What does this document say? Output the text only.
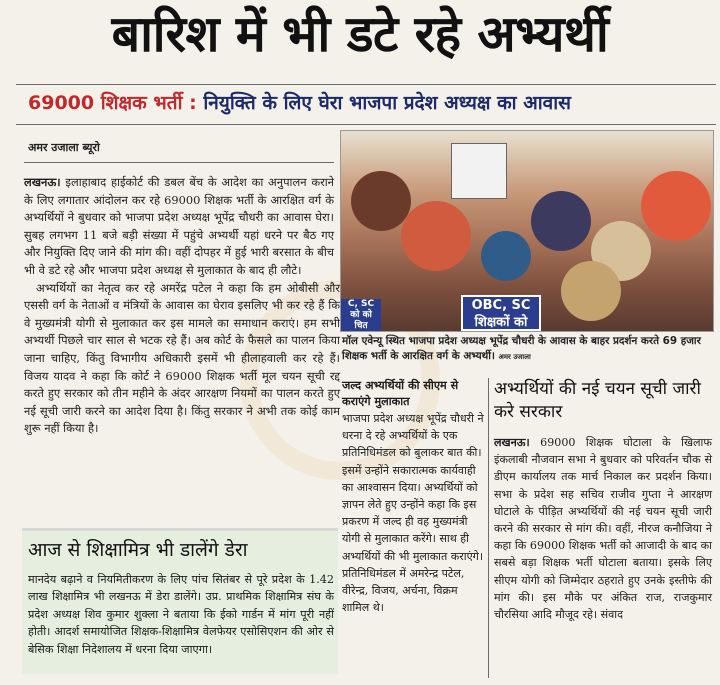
बारिश में भी डटे रहे अभ्यर्थी
69000 शिक्षक भर्ती : नियुक्ति के लिए घेरा भाजपा प्रदेश अध्यक्ष का आवास
अमर उजाला ब्यूरो

लखनऊ। इलाहाबाद हाईकोर्ट की डबल बेंच के आदेश का अनुपालन कराने के लिए लगातार आंदोलन कर रहे 69000 शिक्षक भर्ती के आरक्षित वर्ग के अभ्यर्थियों ने बुधवार को भाजपा प्रदेश अध्यक्ष भूपेंद्र चौधरी का आवास घेरा। सुबह लगभग 11 बजे बड़ी संख्या में पहुंचे अभ्यर्थी यहां धरने पर बैठ गए और नियुक्ति दिए जाने की मांग की। वहीं दोपहर में हुई भारी बरसात के बीच भी वे डटे रहे और भाजपा प्रदेश अध्यक्ष से मुलाकात के बाद ही लौटे।

अभ्यर्थियों का नेतृत्व कर रहे अमरेंद्र पटेल ने कहा कि हम ओबीसी और एससी वर्ग के नेताओं व मंत्रियों के आवास का घेराव इसलिए भी कर रहे हैं कि वे मुख्यमंत्री योगी से मुलाकात कर इस मामले का समाधान कराएं। हम सभी अभ्यर्थी पिछले चार साल से भटक रहे हैं। अब कोर्ट के फैसले का पालन किया जाना चाहिए, किंतु विभागीय अधिकारी इसमें भी हीलाहवाली कर रहे हैं। विजय यादव ने कहा कि कोर्ट ने 69000 शिक्षक भर्ती मूल चयन सूची रद्द करते हुए सरकार को तीन महीने के अंदर आरक्षण नियमों का पालन करते हुए नई सूची जारी करने का आदेश दिया है। किंतु सरकार ने अभी तक कोई काम शुरू नहीं किया है।

C, SC
को को
चित
OBC, SC
शिक्षकों को
मॉल एवेन्यू स्थित भाजपा प्रदेश अध्यक्ष भूपेंद्र चौधरी के आवास के बाहर प्रदर्शन करते 69 हजार शिक्षक भर्ती के आरक्षित वर्ग के अभ्यर्थी। अमर उजाला
जल्द अभ्यर्थियों की सीएम से कराएंगे मुलाकात
भाजपा प्रदेश अध्यक्ष भूपेंद्र चौधरी ने धरना दे रहे अभ्यर्थियों के एक प्रतिनिधिमंडल को बुलाकर बात की। इसमें उन्होंने सकारात्मक कार्यवाही का आश्वासन दिया। अभ्यर्थियों को ज्ञापन लेते हुए उन्होंने कहा कि इस प्रकरण में जल्द ही वह मुख्यमंत्री योगी से मुलाकात करेंगे। साथ ही अभ्यर्थियों की भी मुलाकात कराएंगे। प्रतिनिधिमंडल में अमरेन्द्र पटेल, वीरेन्द्र, विजय, अर्चना, विक्रम शामिल थे।
अभ्यर्थियों की नई चयन सूची जारी करे सरकार
लखनऊ। 69000 शिक्षक घोटाला के खिलाफ इंकलाबी नौजवान सभा ने बुधवार को परिवर्तन चौक से डीएम कार्यालय तक मार्च निकाल कर प्रदर्शन किया। सभा के प्रदेश सह सचिव राजीव गुप्ता ने आरक्षण घोटाले के पीड़ित अभ्यर्थियों की नई चयन सूची जारी करने की सरकार से मांग की। वहीं, नीरज कनौजिया ने कहा कि 69000 शिक्षक भर्ती को आजादी के बाद का सबसे बड़ा शिक्षक भर्ती घोटाला बताया। इसके लिए सीएम योगी को जिम्मेदार ठहराते हुए उनके इस्तीफे की मांग की। इस मौके पर अंकित राज, राजकुमार चौरसिया आदि मौजूद रहे। संवाद
आज से शिक्षामित्र भी डालेंगे डेरा
मानदेय बढ़ाने व नियमितीकरण के लिए पांच सितंबर से पूरे प्रदेश के 1.42 लाख शिक्षामित्र भी लखनऊ में डेरा डालेंगे। उप्र. प्राथमिक शिक्षामित्र संघ के प्रदेश अध्यक्ष शिव कुमार शुक्ला ने बताया कि ईको गार्डन में मांग पूरी नहीं होती। आदर्श समायोजित शिक्षक-शिक्षामित्र वेलफेयर एसोसिएशन की ओर से बेसिक शिक्षा निदेशालय में धरना दिया जाएगा।
